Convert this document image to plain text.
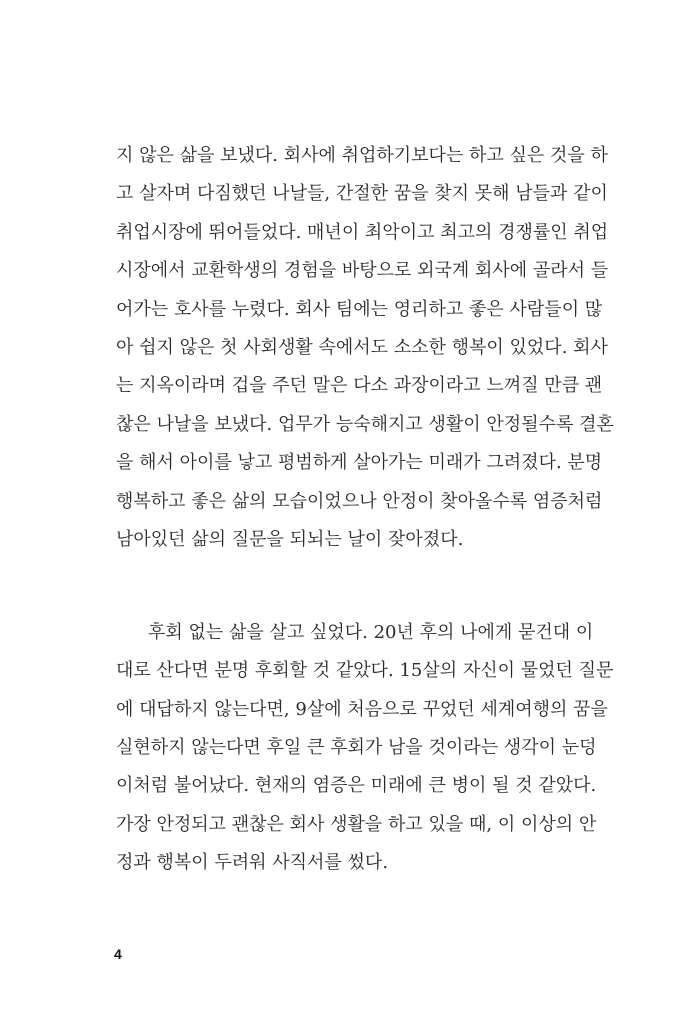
지 않은 삶을 보냈다. 회사에 취업하기보다는 하고 싶은 것을 하
고 살자며 다짐했던 나날들, 간절한 꿈을 찾지 못해 남들과 같이
취업시장에 뛰어들었다. 매년이 최악이고 최고의 경쟁률인 취업
시장에서 교환학생의 경험을 바탕으로 외국계 회사에 골라서 들
어가는 호사를 누렸다. 회사 팀에는 영리하고 좋은 사람들이 많
아 쉽지 않은 첫 사회생활 속에서도 소소한 행복이 있었다. 회사
는 지옥이라며 겁을 주던 말은 다소 과장이라고 느껴질 만큼 괜
찮은 나날을 보냈다. 업무가 능숙해지고 생활이 안정될수록 결혼
을 해서 아이를 낳고 평범하게 살아가는 미래가 그려졌다. 분명
행복하고 좋은 삶의 모습이었으나 안정이 찾아올수록 염증처럼
남아있던 삶의 질문을 되뇌는 날이 잦아졌다.
후회 없는 삶을 살고 싶었다. 20년 후의 나에게 묻건대 이
대로 산다면 분명 후회할 것 같았다. 15살의 자신이 물었던 질문
에 대답하지 않는다면, 9살에 처음으로 꾸었던 세계여행의 꿈을
실현하지 않는다면 후일 큰 후회가 남을 것이라는 생각이 눈덩
이처럼 불어났다. 현재의 염증은 미래에 큰 병이 될 것 같았다.
가장 안정되고 괜찮은 회사 생활을 하고 있을 때, 이 이상의 안
정과 행복이 두려워 사직서를 썼다.
4
